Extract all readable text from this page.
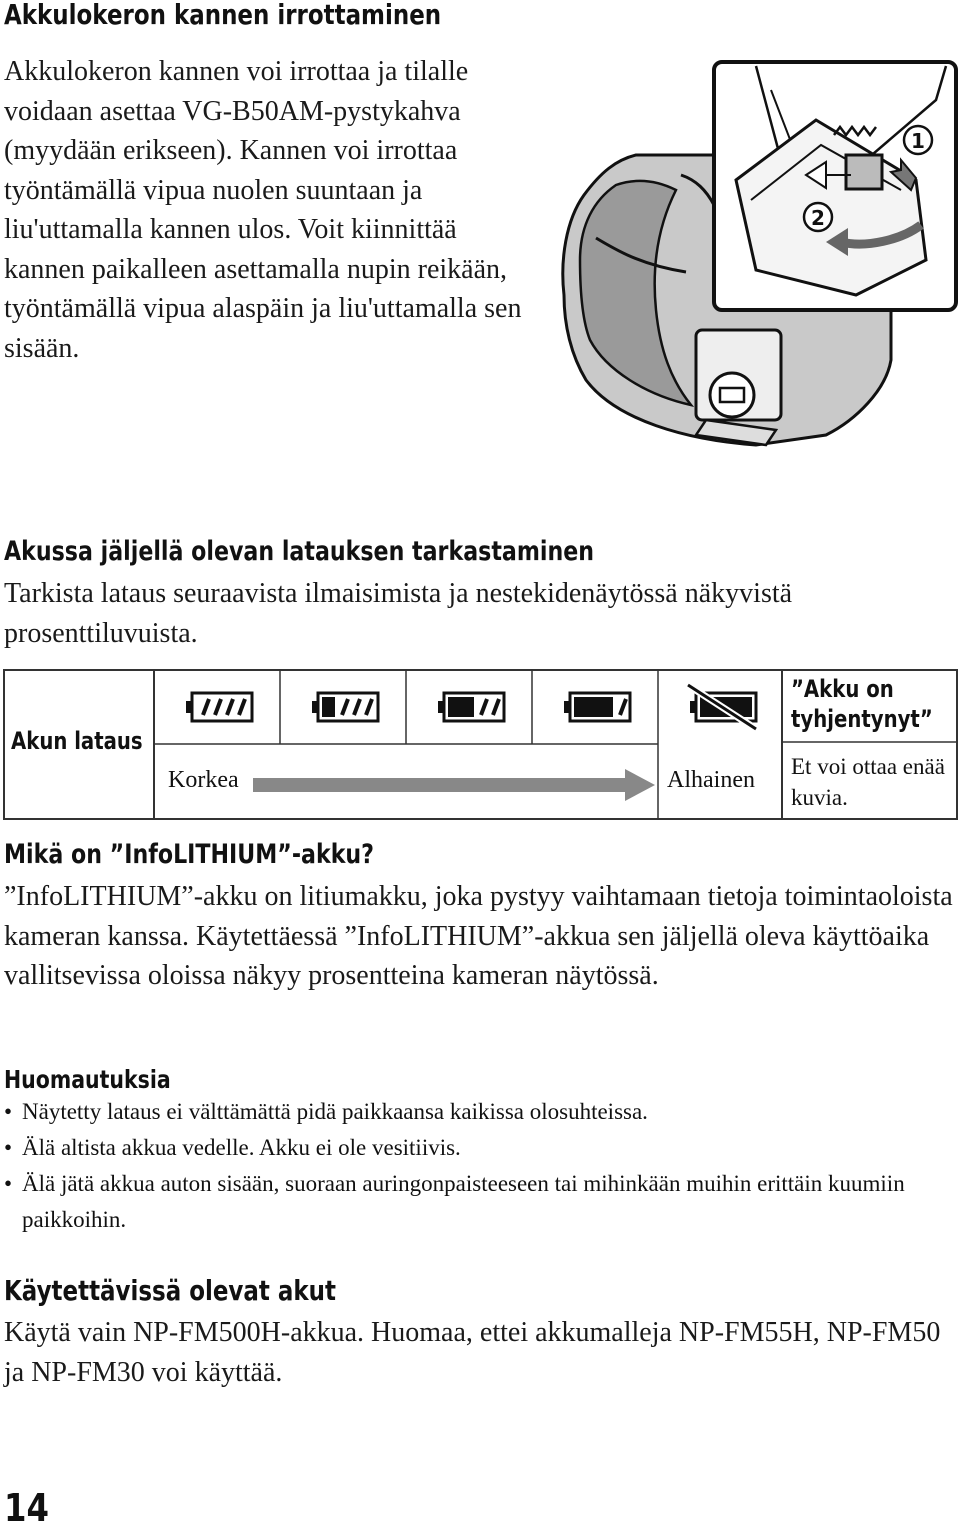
Akkulokeron kannen irrottaminen

Akkulokeron kannen voi irrottaa ja tilalle voidaan asettaa VG-B50AM-pystykahva (myydään erikseen). Kannen voi irrottaa työntämällä vipua nuolen suuntaan ja liu'uttamalla kannen ulos. Voit kiinnittää kannen paikalleen asettamalla nupin reikään, työntämällä vipua alaspäin ja liu'uttamalla sen sisään.

1
2
Akussa jäljellä olevan latauksen tarkastaminen

Tarkista lataus seuraavista ilmaisimista ja nestekidenäytössä näkyvistä prosenttiluvuista.

Akun lataus
Korkea	Alhainen
”Akku on tyhjentynyt”
Et voi ottaa enää kuvia.
Mikä on ”InfoLITHIUM”-akku?

”InfoLITHIUM”-akku on litiumakku, joka pystyy vaihtamaan tietoja toimintaoloista kameran kanssa. Käytettäessä ”InfoLITHIUM”-akkua sen jäljellä oleva käyttöaika vallitsevissa oloissa näkyy prosentteina kameran näytössä.

Huomautuksia
• Näytetty lataus ei välttämättä pidä paikkaansa kaikissa olosuhteissa.
• Älä altista akkua vedelle. Akku ei ole vesitiivis.
• Älä jätä akkua auton sisään, suoraan auringonpaisteeseen tai mihinkään muihin erittäin kuumiin paikkoihin.
Käytettävissä olevat akut

Käytä vain NP-FM500H-akkua. Huomaa, ettei akkumalleja NP-FM55H, NP-FM50 ja NP-FM30 voi käyttää.

14
